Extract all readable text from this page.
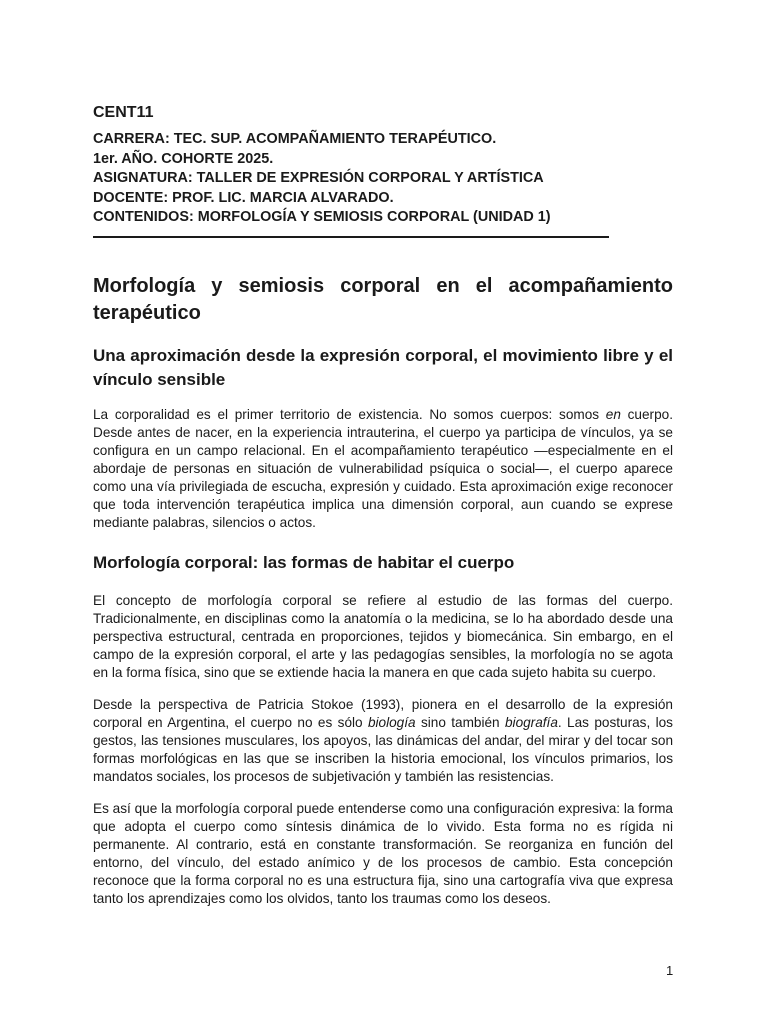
CENT11
CARRERA: TEC. SUP. ACOMPAÑAMIENTO TERAPÉUTICO.
1er. AÑO. COHORTE 2025.
ASIGNATURA: TALLER DE EXPRESIÓN CORPORAL Y ARTÍSTICA
DOCENTE: PROF. LIC. MARCIA ALVARADO.
CONTENIDOS: MORFOLOGÍA Y SEMIOSIS CORPORAL (UNIDAD 1)
Morfología y semiosis corporal en el acompañamiento terapéutico
Una aproximación desde la expresión corporal, el movimiento libre y el vínculo sensible

La corporalidad es el primer territorio de existencia. No somos cuerpos: somos en cuerpo. Desde antes de nacer, en la experiencia intrauterina, el cuerpo ya participa de vínculos, ya se configura en un campo relacional. En el acompañamiento terapéutico —especialmente en el abordaje de personas en situación de vulnerabilidad psíquica o social—, el cuerpo aparece como una vía privilegiada de escucha, expresión y cuidado. Esta aproximación exige reconocer que toda intervención terapéutica implica una dimensión corporal, aun cuando se exprese mediante palabras, silencios o actos.

Morfología corporal: las formas de habitar el cuerpo

El concepto de morfología corporal se refiere al estudio de las formas del cuerpo. Tradicionalmente, en disciplinas como la anatomía o la medicina, se lo ha abordado desde una perspectiva estructural, centrada en proporciones, tejidos y biomecánica. Sin embargo, en el campo de la expresión corporal, el arte y las pedagogías sensibles, la morfología no se agota en la forma física, sino que se extiende hacia la manera en que cada sujeto habita su cuerpo.

Desde la perspectiva de Patricia Stokoe (1993), pionera en el desarrollo de la expresión corporal en Argentina, el cuerpo no es sólo biología sino también biografía. Las posturas, los gestos, las tensiones musculares, los apoyos, las dinámicas del andar, del mirar y del tocar son formas morfológicas en las que se inscriben la historia emocional, los vínculos primarios, los mandatos sociales, los procesos de subjetivación y también las resistencias.

Es así que la morfología corporal puede entenderse como una configuración expresiva: la forma que adopta el cuerpo como síntesis dinámica de lo vivido. Esta forma no es rígida ni permanente. Al contrario, está en constante transformación. Se reorganiza en función del entorno, del vínculo, del estado anímico y de los procesos de cambio. Esta concepción reconoce que la forma corporal no es una estructura fija, sino una cartografía viva que expresa tanto los aprendizajes como los olvidos, tanto los traumas como los deseos.

1
